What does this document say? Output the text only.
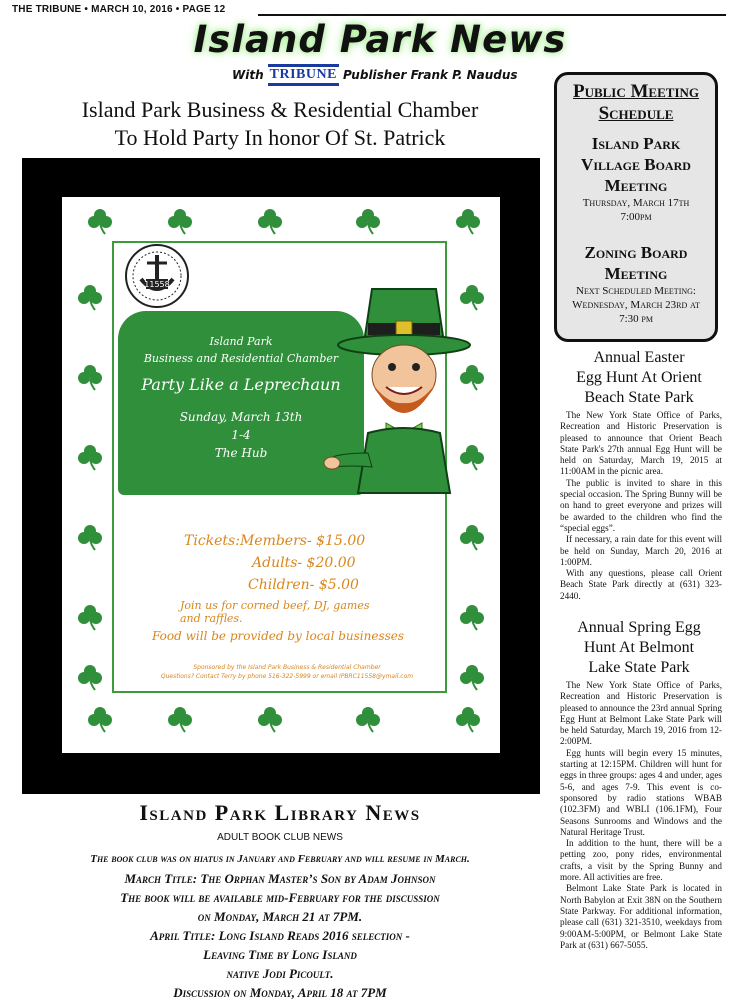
THE TRIBUNE • MARCH 10, 2016 • PAGE 12
Island Park News
With TRIBUNE Publisher Frank P. Naudus
Island Park Business & Residential Chamber
To Hold Party In honor Of St. Patrick
11558
Island Park
Business and Residential Chamber
Party Like a Leprechaun
Sunday, March 13th
1-4
The Hub
Tickets:Members- $15.00
Adults- $20.00
Children- $5.00
Join us for corned beef, DJ, games and raffles.
Food will be provided by local businesses
Sponsored by the Island Park Business & Residential Chamber
Questions? Contact Terry by phone 516-322-5999 or email IPBRC11558@ymail.com
Island Park Library News
ADULT BOOK CLUB NEWS
The book club was on hiatus in January and February and will resume in March.
March Title: The Orphan Master’s Son by Adam Johnson
The book will be available mid-February for the discussion
on Monday, March 21 at 7PM.
April Title: Long Island Reads 2016 selection -
Leaving Time by Long Island
native Jodi Picoult.
Discussion on Monday, April 18 at 7PM
Public Meeting
Schedule
Island Park
Village Board
Meeting
Thursday, March 17th
7:00pm
Zoning Board
Meeting
Next Scheduled Meeting:
Wednesday, March 23rd at
7:30 pm
Annual Easter
Egg Hunt At Orient
Beach State Park

The New York State Office of Parks, Recreation and Historic Preservation is pleased to announce that Orient Beach State Park's 27th annual Egg Hunt will be held on Saturday, March 19, 2015 at 11:00AM in the picnic area.

The public is invited to share in this special occasion. The Spring Bunny will be on hand to greet everyone and prizes will be awarded to the children who find the “special eggs”.

If necessary, a rain date for this event will be held on Sunday, March 20, 2016 at 1:00PM.

With any questions, please call Orient Beach State Park directly at (631) 323-2440.

Annual Spring Egg
Hunt At Belmont
Lake State Park

The New York State Office of Parks, Recreation and Historic Preservation is pleased to announce the 23rd annual Spring Egg Hunt at Belmont Lake State Park will be held Saturday, March 19, 2016 from 12-2:00PM.

Egg hunts will begin every 15 minutes, starting at 12:15PM. Children will hunt for eggs in three groups: ages 4 and under, ages 5-6, and ages 7-9. This event is co-sponsored by radio stations WBAB (102.3FM) and WBLI (106.1FM), Four Seasons Sunrooms and Windows and the Natural Heritage Trust.

In addition to the hunt, there will be a petting zoo, pony rides, environmental crafts, a visit by the Spring Bunny and more. All activities are free.

Belmont Lake State Park is located in North Babylon at Exit 38N on the Southern State Parkway. For additional information, please call (631) 321-3510, weekdays from 9:00AM-5:00PM, or Belmont Lake State Park at (631) 667-5055.
